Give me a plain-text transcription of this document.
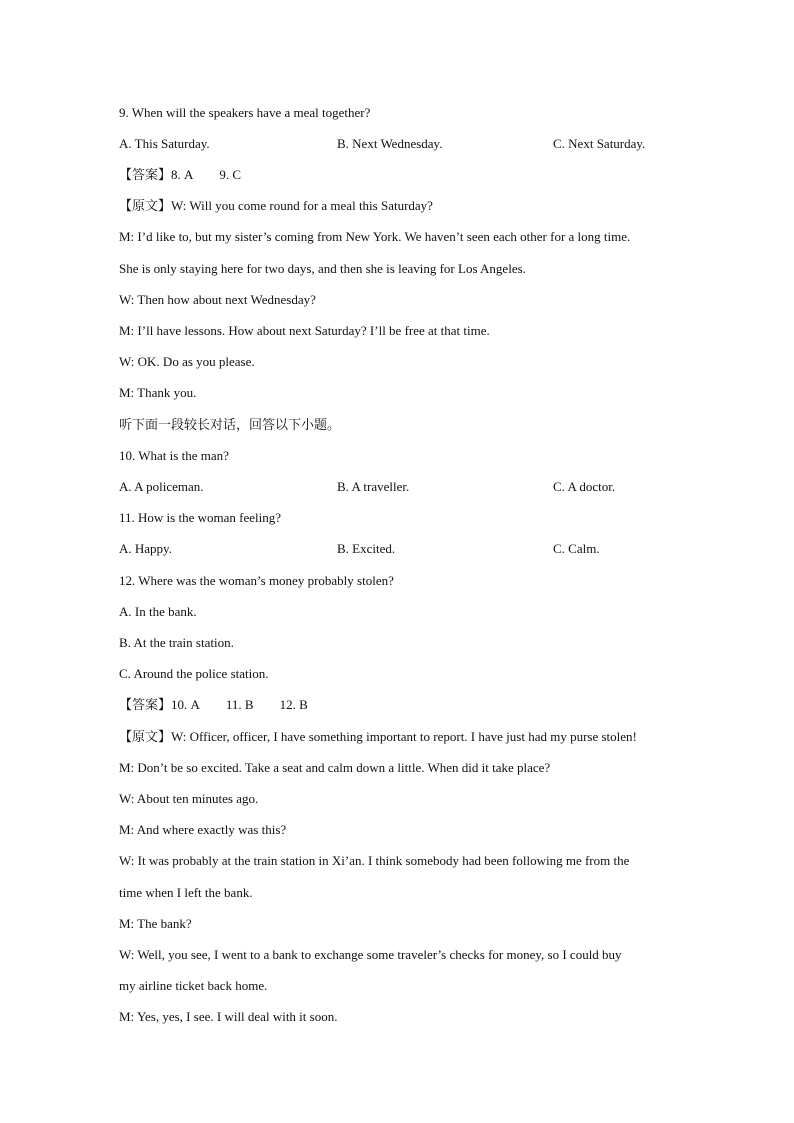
9. When will the speakers have a meal together?
A. This Saturday.	B. Next Wednesday.	C. Next Saturday.
【答案】8. A 9. C
【原文】W: Will you come round for a meal this Saturday?
M: I’d like to, but my sister’s coming from New York. We haven’t seen each other for a long time.
She is only staying here for two days, and then she is leaving for Los Angeles.
W: Then how about next Wednesday?
M: I’ll have lessons. How about next Saturday? I’ll be free at that time.
W: OK. Do as you please.
M: Thank you.
听下面一段较长对话，回答以下小题。
10. What is the man?
A. A policeman.	B. A traveller.	C. A doctor.
11. How is the woman feeling?
A. Happy.	B. Excited.	C. Calm.
12. Where was the woman’s money probably stolen?
A. In the bank.
B. At the train station.
C. Around the police station.
【答案】10. A 11. B 12. B
【原文】W: Officer, officer, I have something important to report. I have just had my purse stolen!
M: Don’t be so excited. Take a seat and calm down a little. When did it take place?
W: About ten minutes ago.
M: And where exactly was this?
W: It was probably at the train station in Xi’an. I think somebody had been following me from the
time when I left the bank.
M: The bank?
W: Well, you see, I went to a bank to exchange some traveler’s checks for money, so I could buy
my airline ticket back home.
M: Yes, yes, I see. I will deal with it soon.
